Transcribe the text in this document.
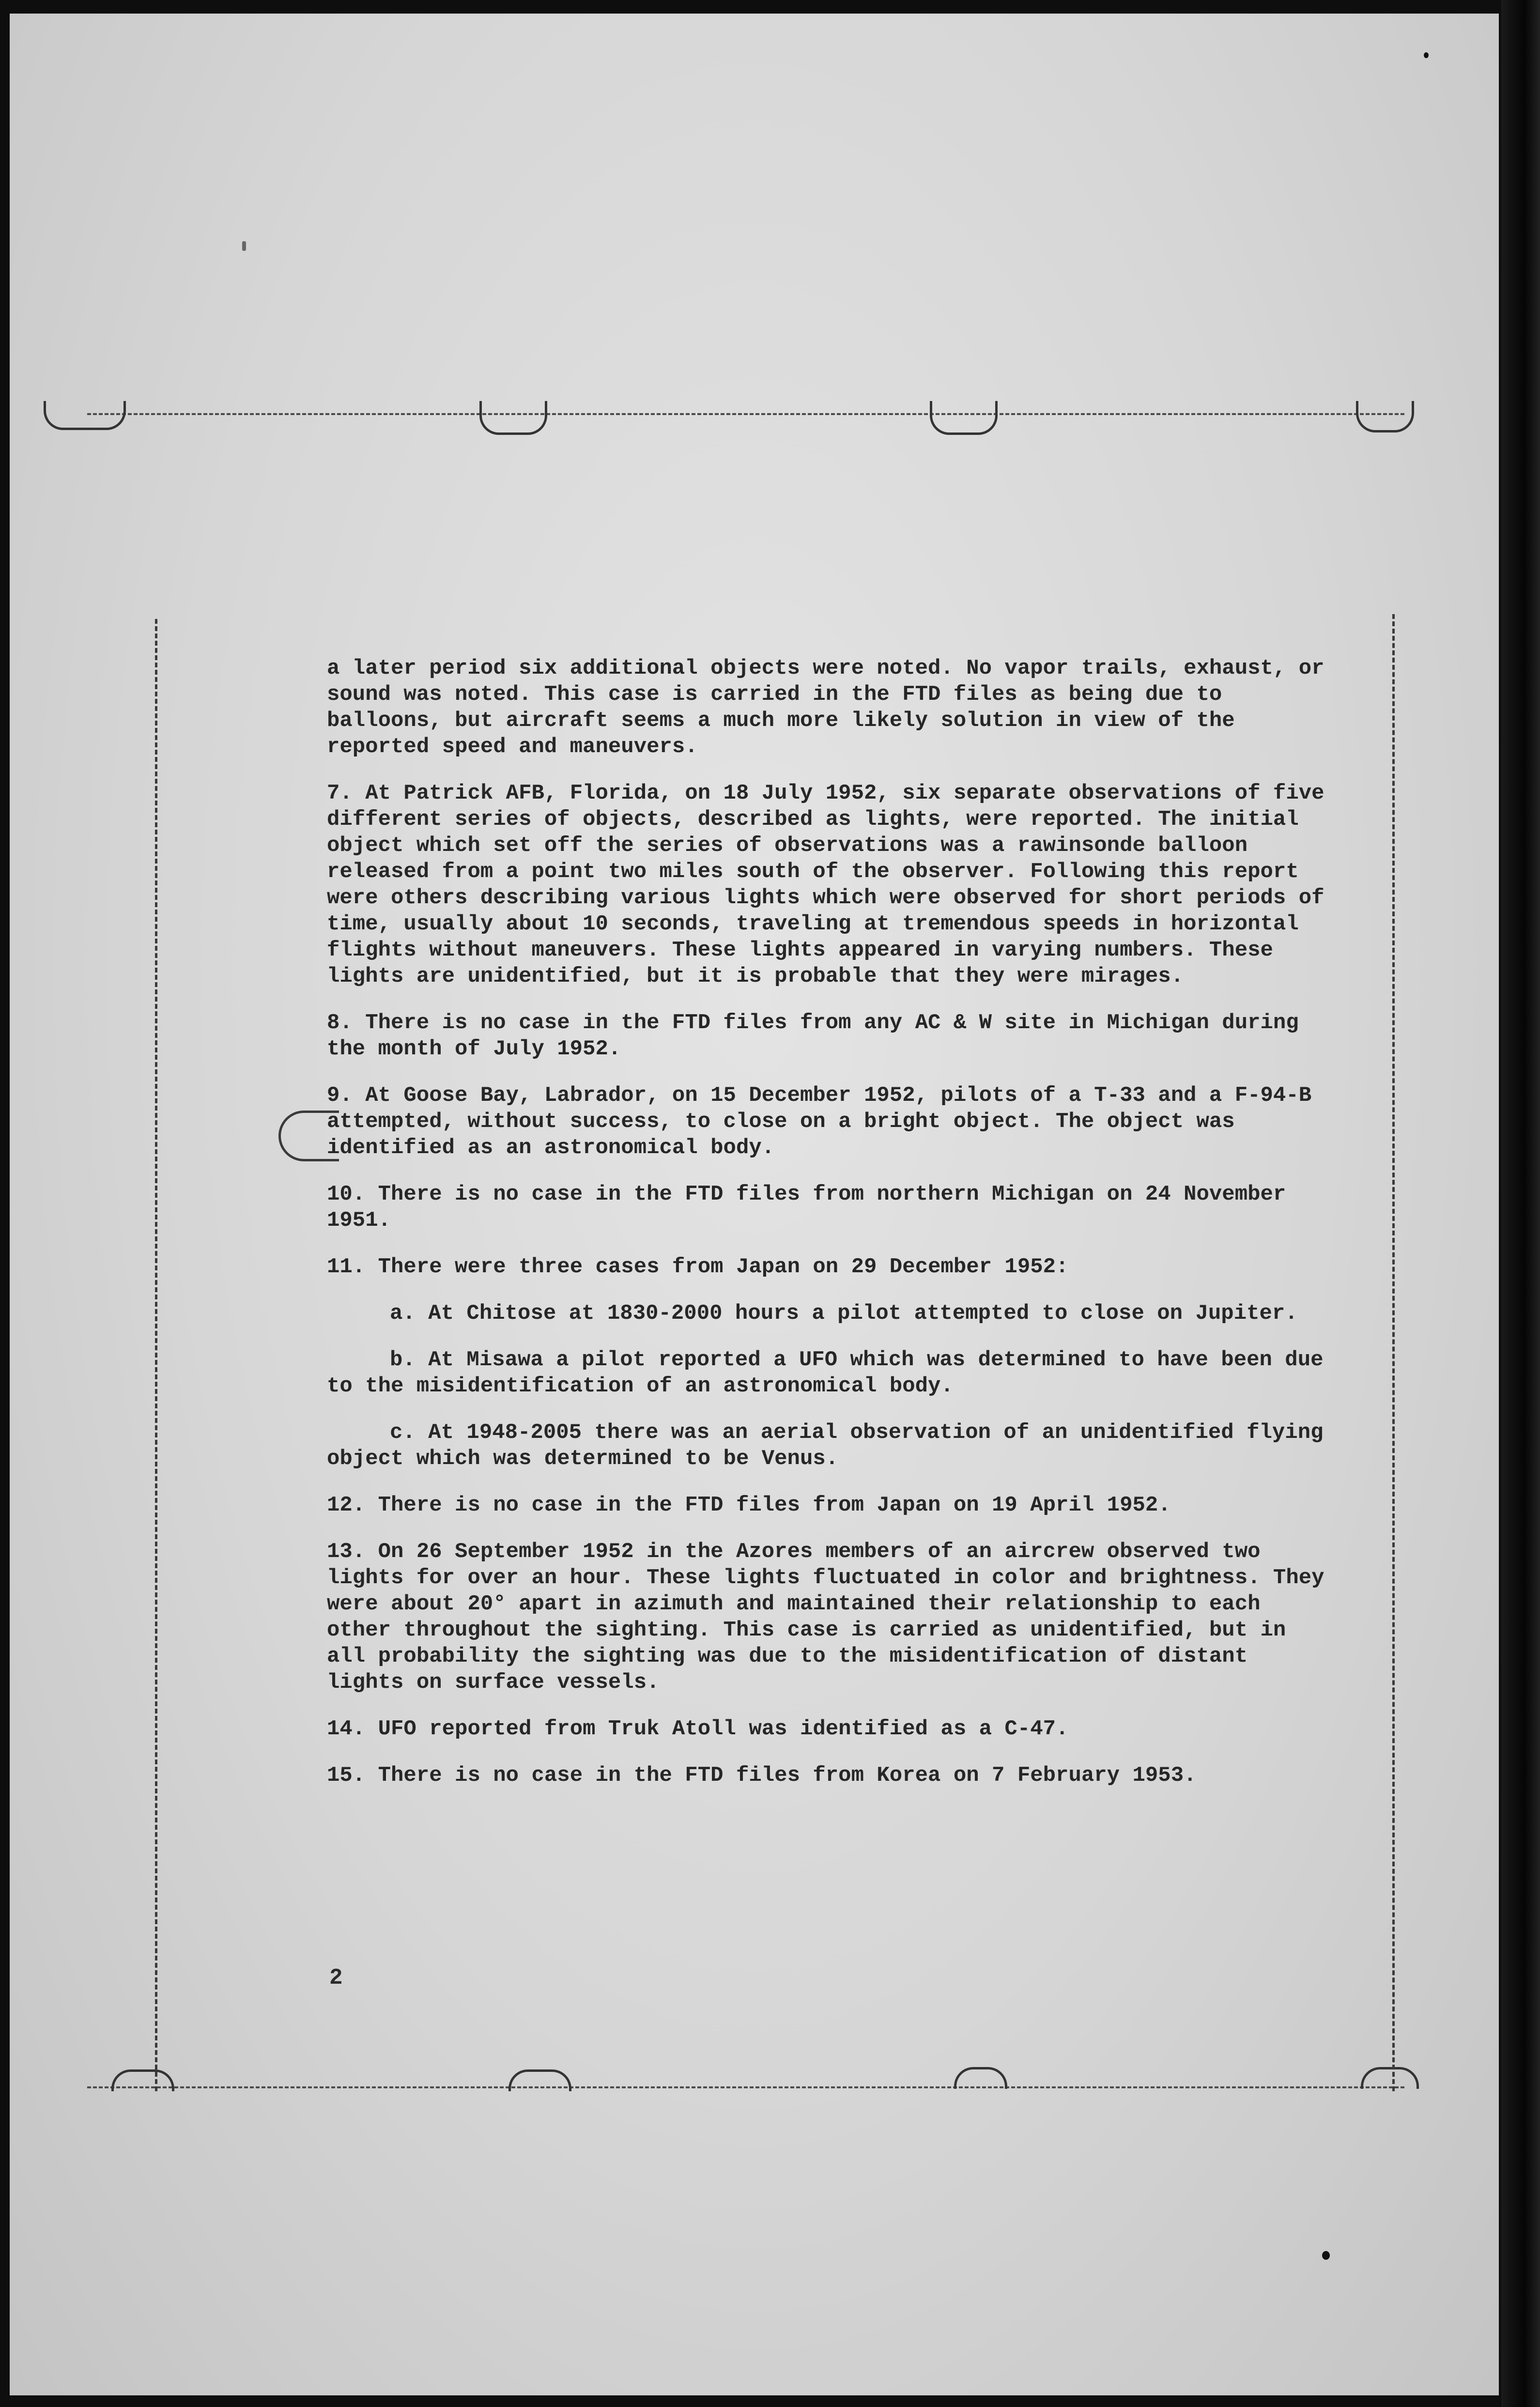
a later period six additional objects were noted. No vapor trails, exhaust, or sound was noted. This case is carried in the FTD files as being due to balloons, but aircraft seems a much more likely solution in view of the reported speed and maneuvers.

7. At Patrick AFB, Florida, on 18 July 1952, six separate observations of five different series of objects, described as lights, were reported. The initial object which set off the series of observations was a rawinsonde balloon released from a point two miles south of the observer. Following this report were others describing various lights which were observed for short periods of time, usually about 10 seconds, traveling at tremendous speeds in horizontal flights without maneuvers. These lights appeared in varying numbers. These lights are unidentified, but it is probable that they were mirages.

8. There is no case in the FTD files from any AC & W site in Michigan during the month of July 1952.

9. At Goose Bay, Labrador, on 15 December 1952, pilots of a T-33 and a F-94-B attempted, without success, to close on a bright object. The object was identified as an astronomical body.

10. There is no case in the FTD files from northern Michigan on 24 November 1951.

11. There were three cases from Japan on 29 December 1952:

a. At Chitose at 1830-2000 hours a pilot attempted to close on Jupiter.

b. At Misawa a pilot reported a UFO which was determined to have been due to the misidentification of an astronomical body.

c. At 1948-2005 there was an aerial observation of an unidentified flying object which was determined to be Venus.

12. There is no case in the FTD files from Japan on 19 April 1952.

13. On 26 September 1952 in the Azores members of an aircrew observed two lights for over an hour. These lights fluctuated in color and brightness. They were about 20° apart in azimuth and maintained their relationship to each other throughout the sighting. This case is carried as unidentified, but in all probability the sighting was due to the misidentification of distant lights on surface vessels.

14. UFO reported from Truk Atoll was identified as a C-47.

15. There is no case in the FTD files from Korea on 7 February 1953.

2
